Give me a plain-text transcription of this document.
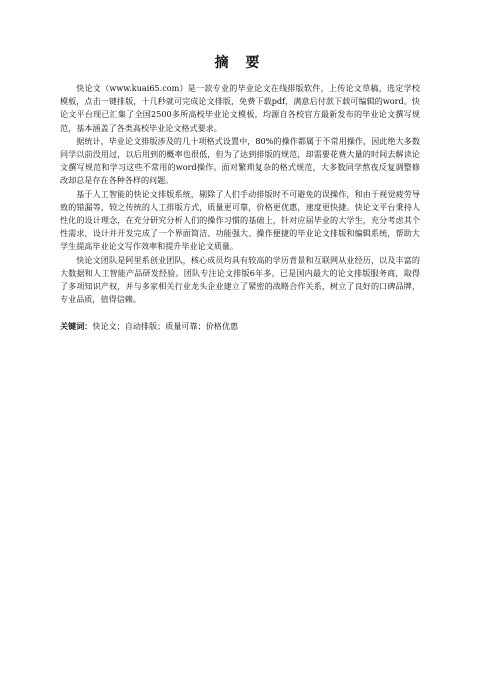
摘 要

快论文（www.kuai65.com）是一款专业的毕业论文在线排版软件，上传论文草稿，选定学校模板，点击一键排版，十几秒就可完成论文排版，免费下载pdf，满意后付款下载可编辑的word。快论文平台现已汇集了全国2500多所高校毕业论文模板，均源自各校官方最新发布的毕业论文撰写规范，基本涵盖了各类高校毕业论文格式要求。

据统计，毕业论文排版涉及的几十项格式设置中，80%的操作都属于不常用操作，因此绝大多数同学以前没用过，以后用到的概率也很低，但为了达到排版的规范，却需要花费大量的时间去解读论文撰写规范和学习这些不常用的word操作。面对繁琐复杂的格式规范，大多数同学熬夜反复调整修改却总是存在各种各样的问题。

基于人工智能的快论文排版系统，剔除了人们手动排版时不可避免的误操作，和由于视觉疲劳导致的错漏等，较之传统的人工排版方式，质量更可靠，价格更优惠，速度更快捷。快论文平台秉持人性化的设计理念，在充分研究分析人们的操作习惯的基础上，针对应届毕业的大学生，充分考虑其个性需求，设计并开发完成了一个界面简洁、功能强大、操作便捷的毕业论文排版和编辑系统，帮助大学生提高毕业论文写作效率和提升毕业论文质量。

快论文团队是阿里系创业团队，核心成员均具有较高的学历背景和互联网从业经历，以及丰富的大数据和人工智能产品研发经验。团队专注论文排版6年多，已是国内最大的论文排版服务商，取得了多项知识产权，并与多家相关行业龙头企业建立了紧密的战略合作关系，树立了良好的口碑品牌，专业品质，值得信赖。

关键词：快论文；自动排版；质量可靠；价格优惠
